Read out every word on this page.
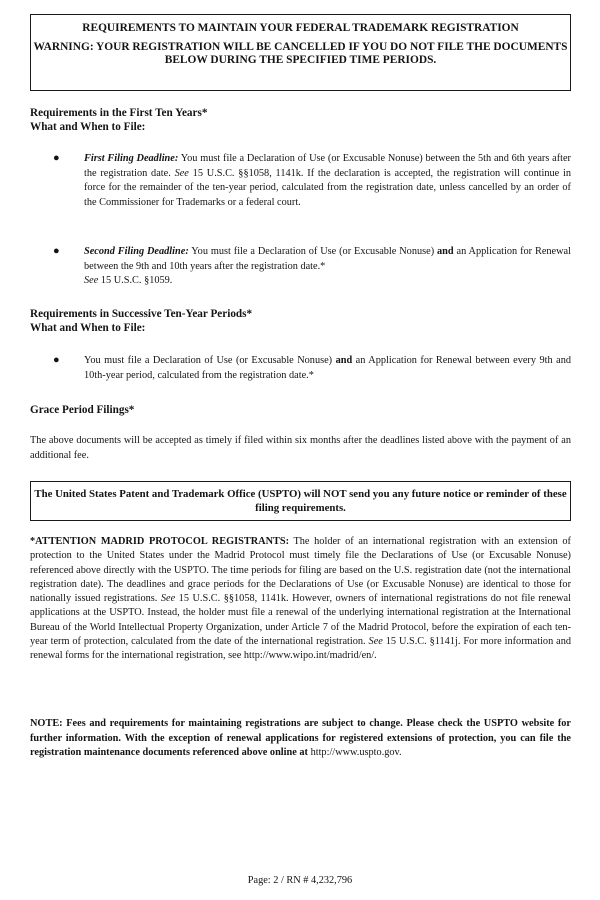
REQUIREMENTS TO MAINTAIN YOUR FEDERAL TRADEMARK REGISTRATION
WARNING: YOUR REGISTRATION WILL BE CANCELLED IF YOU DO NOT FILE THE DOCUMENTS BELOW DURING THE SPECIFIED TIME PERIODS.
Requirements in the First Ten Years*
What and When to File:
● First Filing Deadline: You must file a Declaration of Use (or Excusable Nonuse) between the 5th and 6th years after the registration date. See 15 U.S.C. §§1058, 1141k. If the declaration is accepted, the registration will continue in force for the remainder of the ten-year period, calculated from the registration date, unless cancelled by an order of the Commissioner for Trademarks or a federal court.
● Second Filing Deadline: You must file a Declaration of Use (or Excusable Nonuse) and an Application for Renewal between the 9th and 10th years after the registration date.*
See 15 U.S.C. §1059.
Requirements in Successive Ten-Year Periods*
What and When to File:
● You must file a Declaration of Use (or Excusable Nonuse) and an Application for Renewal between every 9th and 10th-year period, calculated from the registration date.*
Grace Period Filings*
The above documents will be accepted as timely if filed within six months after the deadlines listed above with the payment of an additional fee.
The United States Patent and Trademark Office (USPTO) will NOT send you any future notice or reminder of these filing requirements.
*ATTENTION MADRID PROTOCOL REGISTRANTS: The holder of an international registration with an extension of protection to the United States under the Madrid Protocol must timely file the Declarations of Use (or Excusable Nonuse) referenced above directly with the USPTO. The time periods for filing are based on the U.S. registration date (not the international registration date). The deadlines and grace periods for the Declarations of Use (or Excusable Nonuse) are identical to those for nationally issued registrations. See 15 U.S.C. §§1058, 1141k. However, owners of international registrations do not file renewal applications at the USPTO. Instead, the holder must file a renewal of the underlying international registration at the International Bureau of the World Intellectual Property Organization, under Article 7 of the Madrid Protocol, before the expiration of each ten-year term of protection, calculated from the date of the international registration. See 15 U.S.C. §1141j. For more information and renewal forms for the international registration, see http://www.wipo.int/madrid/en/.
NOTE: Fees and requirements for maintaining registrations are subject to change. Please check the USPTO website for further information. With the exception of renewal applications for registered extensions of protection, you can file the registration maintenance documents referenced above online at http://www.uspto.gov.
Page: 2 / RN # 4,232,796
